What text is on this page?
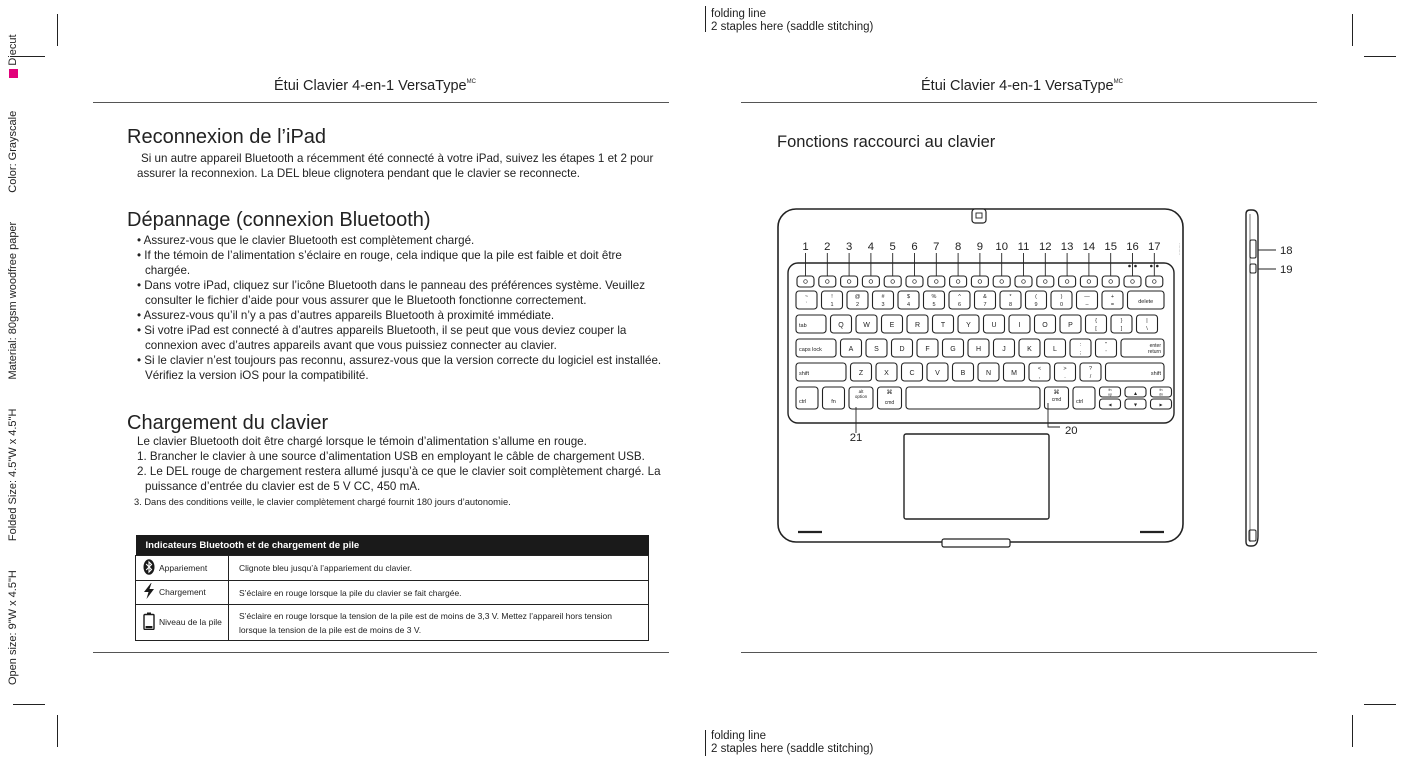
Open size: 9"W x 4.5"H Folded Size: 4.5"W x 4.5"H Material: 80gsm woodfree paper Color: Grayscale  Diecut
folding line
2 staples here (saddle stitching)
folding line
2 staples here (saddle stitching)
Étui Clavier 4-en-1 VersaType$^{MC}$
Reconnexion de l’iPad

Si un autre appareil Bluetooth a récemment été connecté à votre iPad, suivez les étapes 1 et 2 pour assurer la reconnexion. La DEL bleue clignotera pendant que le clavier se reconnecte.

Dépannage (connexion Bluetooth)

• Assurez-vous que le clavier Bluetooth est complètement chargé.

• If the témoin de l’alimentation s’éclaire en rouge, cela indique que la pile est faible et doit être chargée.

• Dans votre iPad, cliquez sur l’icône Bluetooth dans le panneau des préférences système. Veuillez consulter le fichier d’aide pour vous assurer que le Bluetooth fonctionne correctement.

• Assurez-vous qu’il n’y a pas d’autres appareils Bluetooth à proximité immédiate.

• Si votre iPad est connecté à d’autres appareils Bluetooth, il se peut que vous deviez couper la connexion avec d’autres appareils avant que vous puissiez connecter au clavier.

• Si le clavier n’est toujours pas reconnu, assurez-vous que la version correcte du logiciel est installée. Vérifiez la version iOS pour la compatibilité.

Chargement du clavier

Le clavier Bluetooth doit être chargé lorsque le témoin d’alimentation s’allume en rouge.

1. Brancher le clavier à une source d’alimentation USB en employant le câble de chargement USB.

2. Le DEL rouge de chargement restera allumé jusqu’à ce que le clavier soit complètement chargé. La puissance d’entrée du clavier est de 5 V CC, 450 mA.

3. Dans des conditions veille, le clavier complètement chargé fournit 180 jours d’autonomie.

Indicateurs Bluetooth et de chargement de pile	
Appariement	Clignote bleu jusqu’à l’appariement du clavier.
Chargement	S’éclaire en rouge lorsque la pile du clavier se fait chargée.
Niveau de la pile	S’éclaire en rouge lorsque la tension de la pile est de moins de 3,3 V. Mettez l’appareil hors tension lorsque la tension de la pile est de moins de 3 V.
Étui Clavier 4-en-1 VersaType$^{MC}$
Fonctions raccourci au clavier
·········
1 2 3 4 5 6 7 8 9 10 11 12 13 14 15 16 17
~
`
!
1
@
2
#
3
$
4
%
5
^
6
&
7
*
8
(
9
)
0
—
–
+
=	delete
tab	Q	W	E	R	T	Y	U	I	O	P
{
[
}
]
|
\
caps lock	A	S	D	F	G	H	J	K	L
:
;
"
'
enter
return
shift	Z	X	C	V	B	N	M
<
,
>
.
?
/	shift
ctrl	fn
alt
option
⌘
cmd
⌘
cmd	ctrl
fn
up
◂
▴
▾
fn
dn
▸
21
20
18
19
